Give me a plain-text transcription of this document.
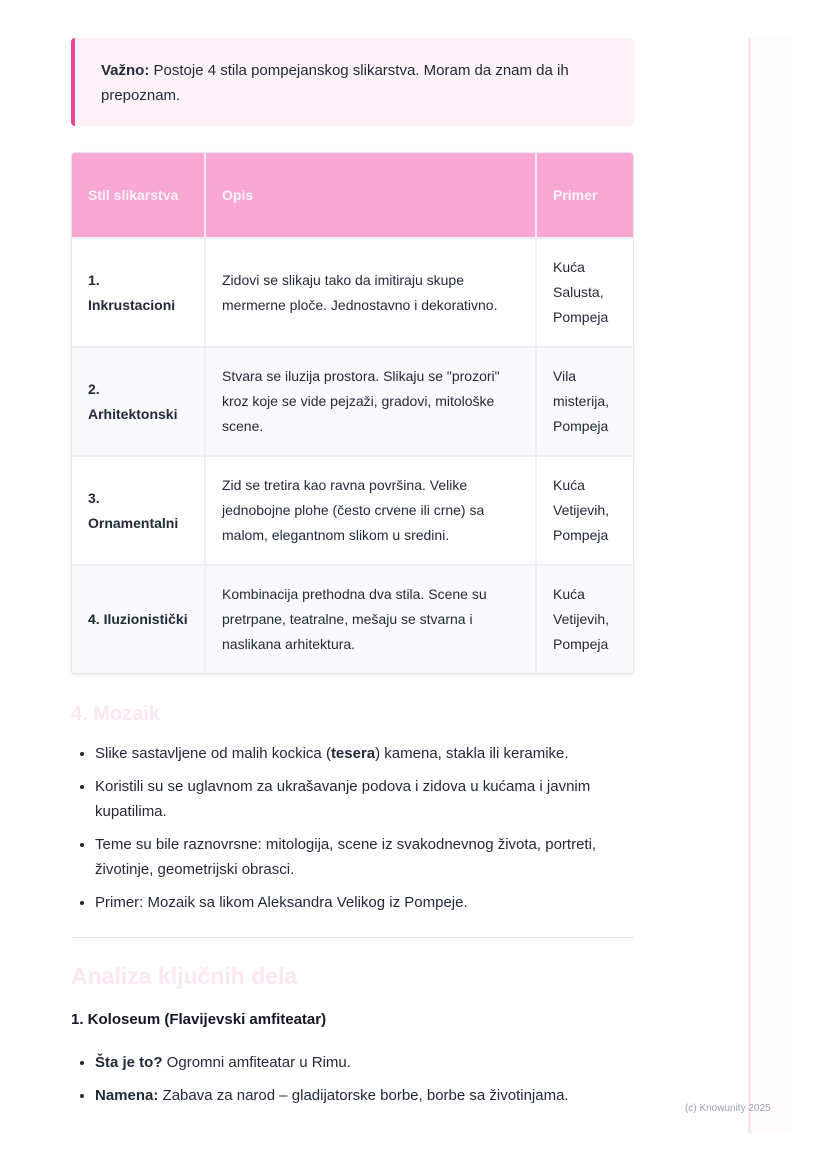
Važno: Postoje 4 stila pompejanskog slikarstva. Moram da znam da ih prepoznam.
Stil slikarstva	Opis	Primer
1. Inkrustacioni	Zidovi se slikaju tako da imitiraju skupe mermerne ploče. Jednostavno i dekorativno.	Kuća Salusta, Pompeja
2. Arhitektonski	Stvara se iluzija prostora. Slikaju se "prozori" kroz koje se vide pejzaži, gradovi, mitološke scene.	Vila misterija, Pompeja
3. Ornamentalni	Zid se tretira kao ravna površina. Velike jednobojne plohe (često crvene ili crne) sa malom, elegantnom slikom u sredini.	Kuća Vetijevih, Pompeja
4. Iluzionistički	Kombinacija prethodna dva stila. Scene su pretrpane, teatralne, mešaju se stvarna i naslikana arhitektura.	Kuća Vetijevih, Pompeja
4. Mozaik
• Slike sastavljene od malih kockica (tesera) kamena, stakla ili keramike.
• Koristili su se uglavnom za ukrašavanje podova i zidova u kućama i javnim kupatilima.
• Teme su bile raznovrsne: mitologija, scene iz svakodnevnog života, portreti, životinje, geometrijski obrasci.
• Primer: Mozaik sa likom Aleksandra Velikog iz Pompeje.
Analiza ključnih dela
1. Koloseum (Flavijevski amfiteatar)
• Šta je to? Ogromni amfiteatar u Rimu.
• Namena: Zabava za narod – gladijatorske borbe, borbe sa životinjama.
(c) Knowunity 2025
